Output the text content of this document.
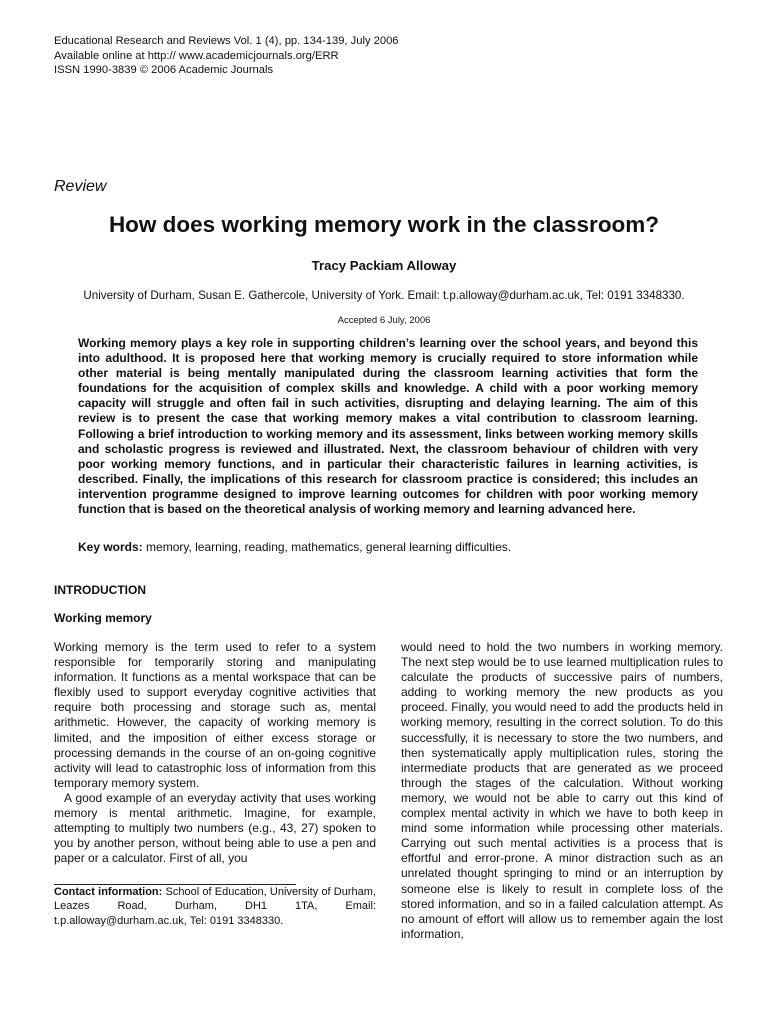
Educational Research and Reviews Vol. 1 (4), pp. 134-139, July 2006
Available online at http:// www.academicjournals.org/ERR
ISSN 1990-3839 © 2006 Academic Journals
Review
How does working memory work in the classroom?
Tracy Packiam Alloway
University of Durham, Susan E. Gathercole, University of York. Email: t.p.alloway@durham.ac.uk, Tel: 0191 3348330.
Accepted 6 July, 2006
Working memory plays a key role in supporting children’s learning over the school years, and beyond this into adulthood. It is proposed here that working memory is crucially required to store information while other material is being mentally manipulated during the classroom learning activities that form the foundations for the acquisition of complex skills and knowledge. A child with a poor working memory capacity will struggle and often fail in such activities, disrupting and delaying learning. The aim of this review is to present the case that working memory makes a vital contribution to classroom learning. Following a brief introduction to working memory and its assessment, links between working memory skills and scholastic progress is reviewed and illustrated. Next, the classroom behaviour of children with very poor working memory functions, and in particular their characteristic failures in learning activities, is described. Finally, the implications of this research for classroom practice is considered; this includes an intervention programme designed to improve learning outcomes for children with poor working memory function that is based on the theoretical analysis of working memory and learning advanced here.
Key words: memory, learning, reading, mathematics, general learning difficulties.
INTRODUCTION
Working memory

Working memory is the term used to refer to a system responsible for temporarily storing and manipulating information. It functions as a mental workspace that can be flexibly used to support everyday cognitive activities that require both processing and storage such as, mental arithmetic. However, the capacity of working memory is limited, and the imposition of either excess storage or processing demands in the course of an on-going cognitive activity will lead to catastrophic loss of information from this temporary memory system.

A good example of an everyday activity that uses working memory is mental arithmetic. Imagine, for example, attempting to multiply two numbers (e.g., 43, 27) spoken to you by another person, without being able to use a pen and paper or a calculator. First of all, you

would need to hold the two numbers in working memory. The next step would be to use learned multiplication rules to calculate the products of successive pairs of numbers, adding to working memory the new products as you proceed. Finally, you would need to add the products held in working memory, resulting in the correct solution. To do this successfully, it is necessary to store the two numbers, and then systematically apply multiplication rules, storing the intermediate products that are generated as we proceed through the stages of the calculation. Without working memory, we would not be able to carry out this kind of complex mental activity in which we have to both keep in mind some information while processing other materials. Carrying out such mental activities is a process that is effortful and error-prone. A minor distraction such as an unrelated thought springing to mind or an interruption by someone else is likely to result in complete loss of the stored information, and so in a failed calculation attempt. As no amount of effort will allow us to remember again the lost information,

Contact information: School of Education, University of Durham, Leazes Road, Durham, DH1 1TA, Email: t.p.alloway@durham.ac.uk, Tel: 0191 3348330.
